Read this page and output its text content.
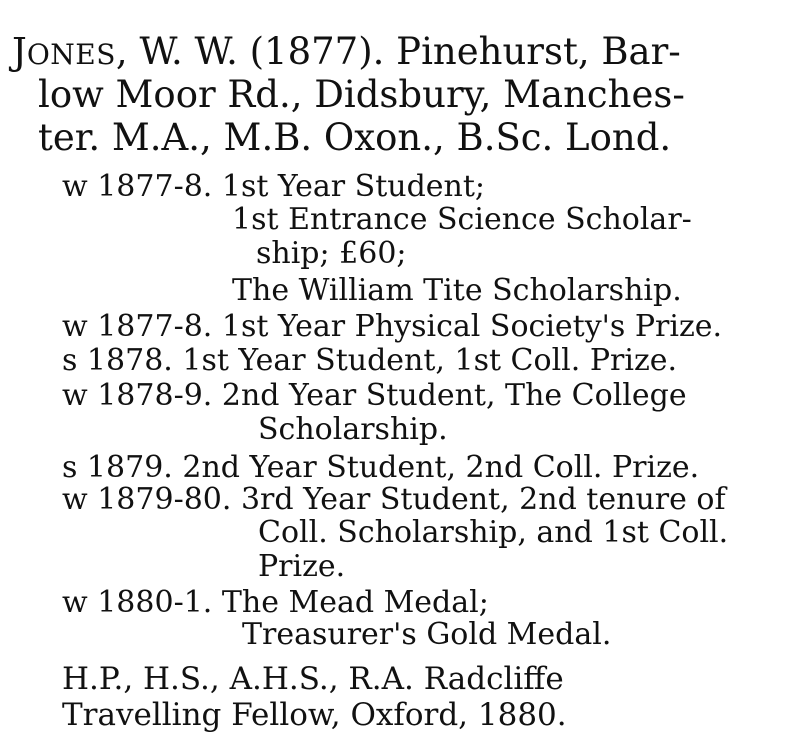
JONES, W. W. (1877). Pinehurst, Bar-
low Moor Rd., Didsbury, Manches-
ter. M.A., M.B. Oxon., B.Sc. Lond.
w 1877-8. 1st Year Student;
1st Entrance Science Scholar-
ship; £60;
The William Tite Scholarship.
w 1877-8. 1st Year Physical Society's Prize.
s 1878. 1st Year Student, 1st Coll. Prize.
w 1878-9. 2nd Year Student, The College
Scholarship.
s 1879. 2nd Year Student, 2nd Coll. Prize.
w 1879-80. 3rd Year Student, 2nd tenure of
Coll. Scholarship, and 1st Coll.
Prize.
w 1880-1. The Mead Medal;
Treasurer's Gold Medal.
H.P., H.S., A.H.S., R.A. Radcliffe
Travelling Fellow, Oxford, 1880.
